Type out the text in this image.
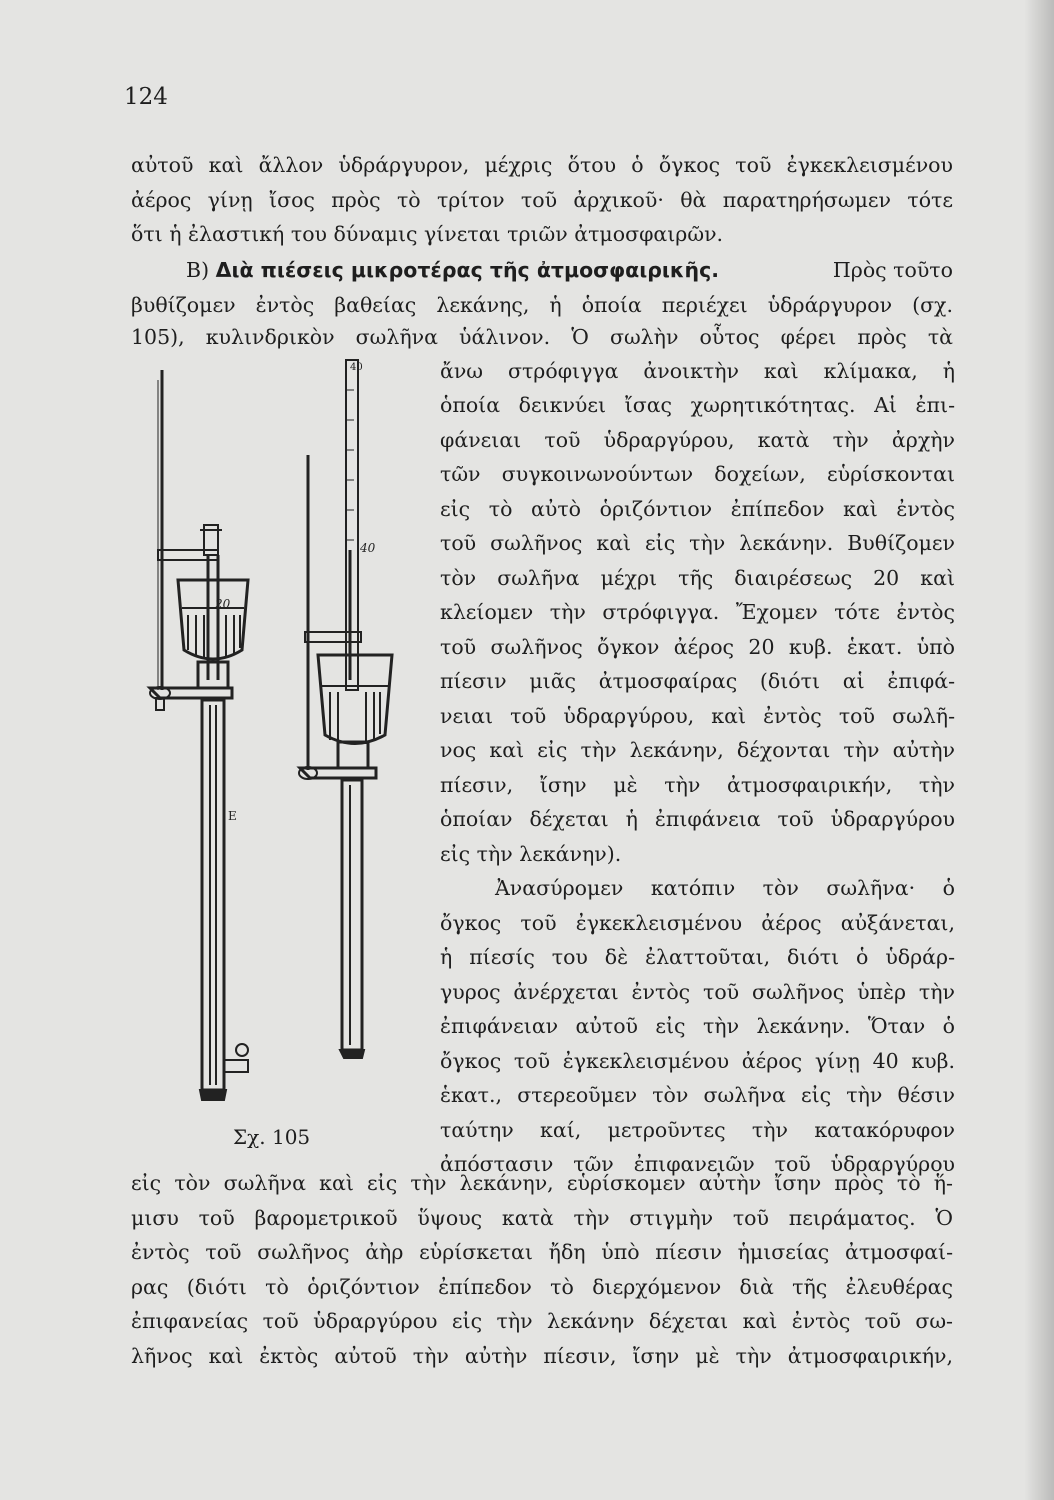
124
αὐτοῦ καὶ ἄλλον ὑδράργυρον, μέχρις ὅτου ὁ ὄγκος τοῦ ἐγκεκλεισμένου
ἀέρος γίνῃ ἴσος πρὸς τὸ τρίτον τοῦ ἀρχικοῦ· θὰ παρατηρήσωμεν τότε
ὅτι ἡ ἐλαστική του δύναμις γίνεται τριῶν ἀτμοσφαιρῶν.
Β) Διὰ πιέσεις μικροτέρας τῆς ἀτμοσφαιρικῆς.	Πρὸς τοῦτο
βυθίζομεν ἐντὸς βαθείας λεκάνης, ἡ ὁποία περιέχει ὑδράργυρον (σχ.
105), κυλινδρικὸν σωλῆνα ὑάλινον. Ὁ σωλὴν οὗτος φέρει πρὸς τὰ
ἄνω στρόφιγγα ἀνοικτὴν καὶ κλίμακα, ἡ
ὁποία δεικνύει ἴσας χωρητικότητας. Αἱ ἐπι-
φάνειαι τοῦ ὑδραργύρου, κατὰ τὴν ἀρχὴν
τῶν συγκοινωνούντων δοχείων, εὑρίσκονται
εἰς τὸ αὐτὸ ὁριζόντιον ἐπίπεδον καὶ ἐντὸς
τοῦ σωλῆνος καὶ εἰς τὴν λεκάνην. Βυθίζομεν
τὸν σωλῆνα μέχρι τῆς διαιρέσεως 20 καὶ
κλείομεν τὴν στρόφιγγα. Ἔχομεν τότε ἐντὸς
τοῦ σωλῆνος ὄγκον ἀέρος 20 κυβ. ἑκατ. ὑπὸ
πίεσιν μιᾶς ἀτμοσφαίρας (διότι αἱ ἐπιφά-
νειαι τοῦ ὑδραργύρου, καὶ ἐντὸς τοῦ σωλῆ-
νος καὶ εἰς τὴν λεκάνην, δέχονται τὴν αὐτὴν
πίεσιν, ἴσην μὲ τὴν ἀτμοσφαιρικήν, τὴν
ὁποίαν δέχεται ἡ ἐπιφάνεια τοῦ ὑδραργύρου
εἰς τὴν λεκάνην).
Ἀνασύρομεν κατόπιν τὸν σωλῆνα· ὁ
ὄγκος τοῦ ἐγκεκλεισμένου ἀέρος αὐξάνεται,
ἡ πίεσίς του δὲ ἐλαττοῦται, διότι ὁ ὑδράρ-
γυρος ἀνέρχεται ἐντὸς τοῦ σωλῆνος ὑπὲρ τὴν
ἐπιφάνειαν αὐτοῦ εἰς τὴν λεκάνην. Ὅταν ὁ
ὄγκος τοῦ ἐγκεκλεισμένου ἀέρος γίνῃ 40 κυβ.
ἑκατ., στερεοῦμεν τὸν σωλῆνα εἰς τὴν θέσιν
ταύτην καί, μετροῦντες τὴν κατακόρυφον
ἀπόστασιν τῶν ἐπιφανειῶν τοῦ ὑδραργύρου
εἰς τὸν σωλῆνα καὶ εἰς τὴν λεκάνην, εὑρίσκομεν αὐτὴν ἴσην πρὸς τὸ ἥ-
μισυ τοῦ βαρομετρικοῦ ὕψους κατὰ τὴν στιγμὴν τοῦ πειράματος. Ὁ
ἐντὸς τοῦ σωλῆνος ἀὴρ εὑρίσκεται ἤδη ὑπὸ πίεσιν ἡμισείας ἀτμοσφαί-
ρας (διότι τὸ ὁριζόντιον ἐπίπεδον τὸ διερχόμενον διὰ τῆς ἐλευθέρας
ἐπιφανείας τοῦ ὑδραργύρου εἰς τὴν λεκάνην δέχεται καὶ ἐντὸς τοῦ σω-
λῆνος καὶ ἐκτὸς αὐτοῦ τὴν αὐτὴν πίεσιν, ἴσην μὲ τὴν ἀτμοσφαιρικήν,
20
40
40
Ε
Σχ. 105
